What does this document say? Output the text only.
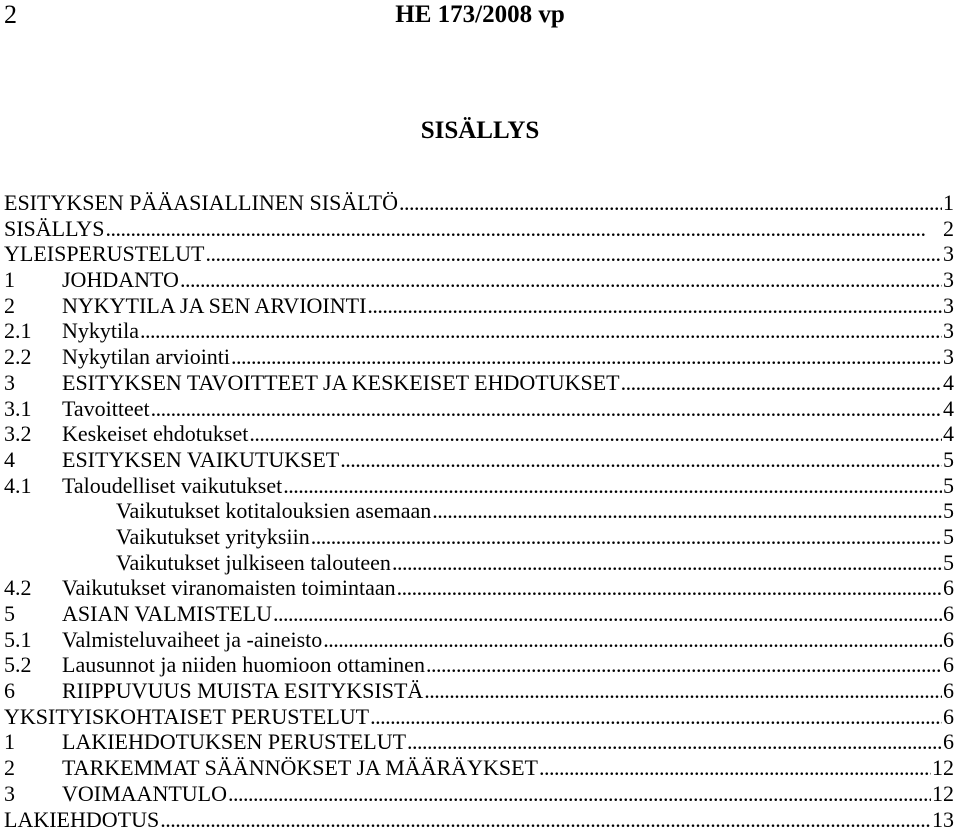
2	HE 173/2008 vp
SISÄLLYS
ESITYKSEN PÄÄASIALLINEN SISÄLTÖ . . .	1
SISÄLLYS . . .	2
YLEISPERUSTELUT . . .	3
1	JOHDANTO . . .	3
2	NYKYTILA JA SEN ARVIOINTI . . .	3
2.1	Nykytila . . .	3
2.2	Nykytilan arviointi . . .	3
3	ESITYKSEN TAVOITTEET JA KESKEISET EHDOTUKSET . . .	4
3.1	Tavoitteet . . .	4
3.2	Keskeiset ehdotukset . . .	4
4	ESITYKSEN VAIKUTUKSET . . .	5
4.1	Taloudelliset vaikutukset . . .	5
Vaikutukset kotitalouksien asemaan . . .	5
Vaikutukset yrityksiin . . .	5
Vaikutukset julkiseen talouteen . . .	5
4.2	Vaikutukset viranomaisten toimintaan . . .	6
5	ASIAN VALMISTELU . . .	6
5.1	Valmisteluvaiheet ja -aineisto . . .	6
5.2	Lausunnot ja niiden huomioon ottaminen . . .	6
6	RIIPPUVUUS MUISTA ESITYKSISTÄ . . .	6
YKSITYISKOHTAISET PERUSTELUT . . .	6
1	LAKIEHDOTUKSEN PERUSTELUT . . .	6
2	TARKEMMAT SÄÄNNÖKSET JA MÄÄRÄYKSET . . .	12
3	VOIMAANTULO . . .	12
LAKIEHDOTUS . . .	13
